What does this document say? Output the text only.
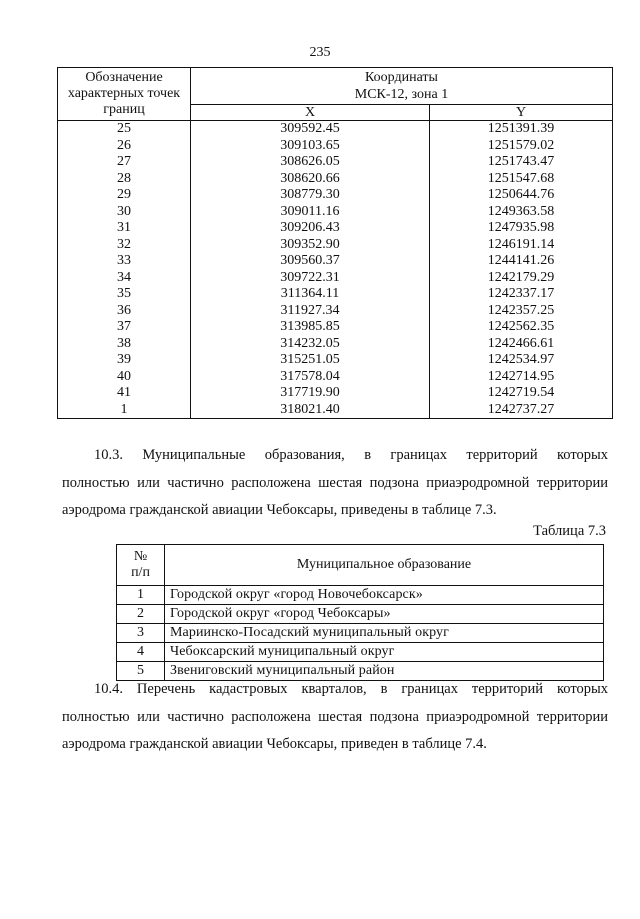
235
Обозначение характерных точек границ	Координаты
МСК-12, зона 1	
	X	Y
25	309592.45	1251391.39
26	309103.65	1251579.02
27	308626.05	1251743.47
28	308620.66	1251547.68
29	308779.30	1250644.76
30	309011.16	1249363.58
31	309206.43	1247935.98
32	309352.90	1246191.14
33	309560.37	1244141.26
34	309722.31	1242179.29
35	311364.11	1242337.17
36	311927.34	1242357.25
37	313985.85	1242562.35
38	314232.05	1242466.61
39	315251.05	1242534.97
40	317578.04	1242714.95
41	317719.90	1242719.54
1	318021.40	1242737.27
10.3. Муниципальные образования, в границах территорий которых
полностью или частично расположена шестая подзона приаэродромной территории
аэродрома гражданской авиации Чебоксары, приведены в таблице 7.3.
Таблица 7.3
№
п/п	Муниципальное образование
1	Городской округ «город Новочебоксарск»
2	Городской округ «город Чебоксары»
3	Мариинско-Посадский муниципальный округ
4	Чебоксарский муниципальный округ
5	Звениговский муниципальный район
10.4. Перечень кадастровых кварталов, в границах территорий которых
полностью или частично расположена шестая подзона приаэродромной территории
аэродрома гражданской авиации Чебоксары, приведен в таблице 7.4.
